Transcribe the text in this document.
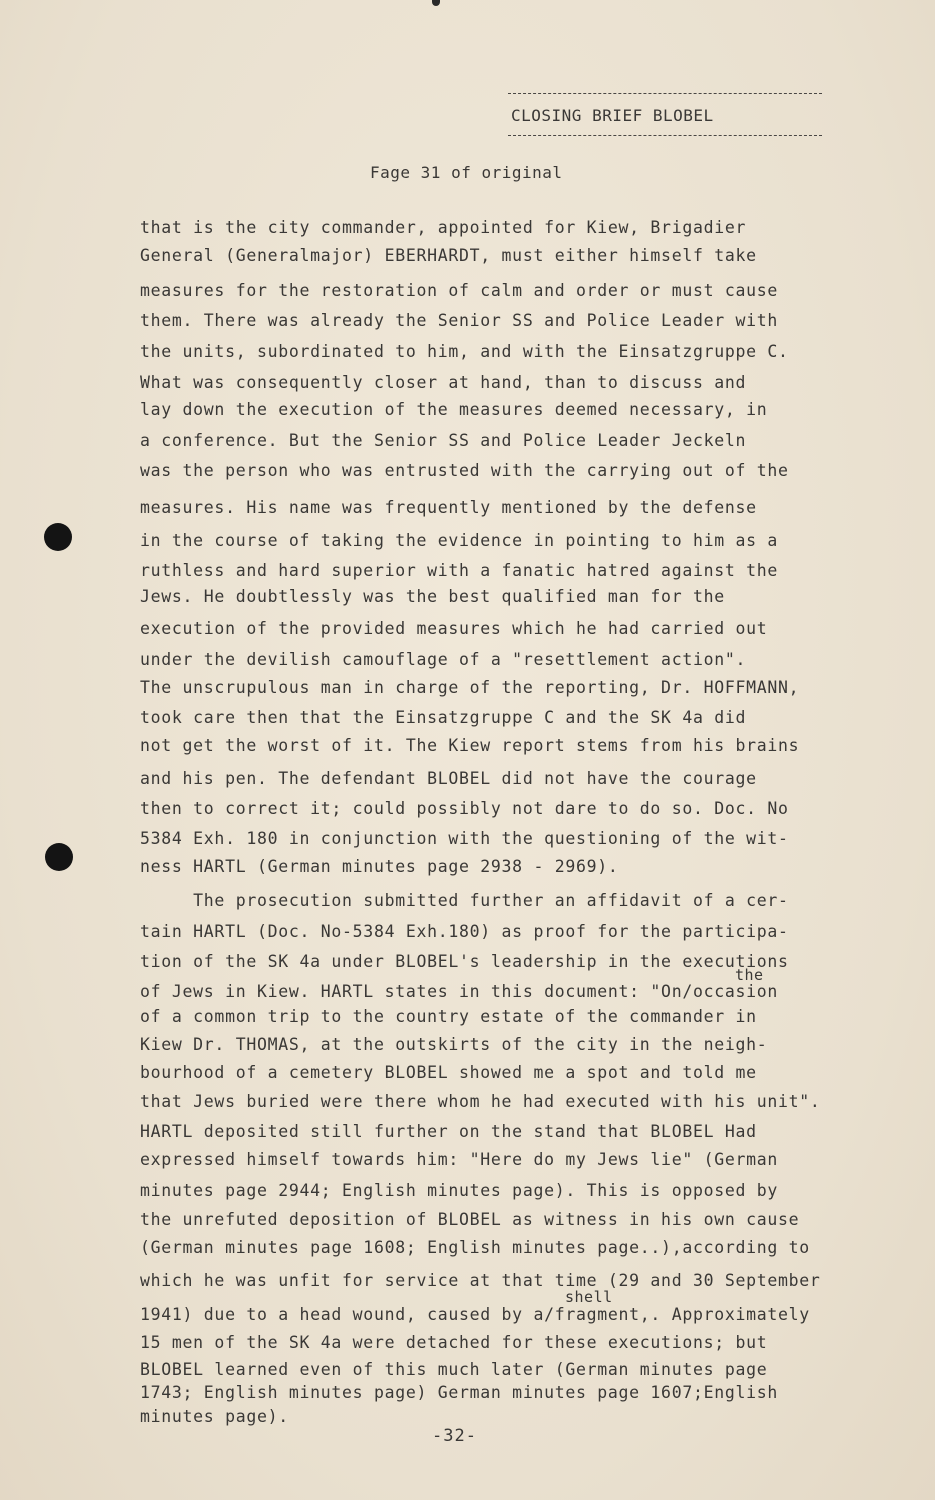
CLOSING BRIEF BLOBEL
Fage 31 of original
that is the city commander, appointed for Kiew, Brigadier
General (Generalmajor) EBERHARDT, must either himself take
measures for the restoration of calm and order or must cause
them. There was already the Senior SS and Police Leader with
the units, subordinated to him, and with the Einsatzgruppe C.
What was consequently closer at hand, than to discuss and
lay down the execution of the measures deemed necessary, in
a conference. But the Senior SS and Police Leader Jeckeln
was the person who was entrusted with the carrying out of the
measures. His name was frequently mentioned by the defense
in the course of taking the evidence in pointing to him as a
ruthless and hard superior with a fanatic hatred against the
Jews. He doubtlessly was the best qualified man for the
execution of the provided measures which he had carried out
under the devilish camouflage of a "resettlement action".
The unscrupulous man in charge of the reporting, Dr. HOFFMANN,
took care then that the Einsatzgruppe C and the SK 4a did
not get the worst of it. The Kiew report stems from his brains
and his pen. The defendant BLOBEL did not have the courage
then to correct it; could possibly not dare to do so. Doc. No
5384 Exh. 180 in conjunction with the questioning of the wit-
ness HARTL (German minutes page 2938 - 2969).
The prosecution submitted further an affidavit of a cer-
tain HARTL (Doc. No-5384 Exh.180) as proof for the participa-
tion of the SK 4a under BLOBEL's leadership in the executions
of Jews in Kiew. HARTL states in this document: "On/occasion
of a common trip to the country estate of the commander in
Kiew Dr. THOMAS, at the outskirts of the city in the neigh-
bourhood of a cemetery BLOBEL showed me a spot and told me
that Jews buried were there whom he had executed with his unit".
HARTL deposited still further on the stand that BLOBEL Had
expressed himself towards him: "Here do my Jews lie" (German
minutes page 2944; English minutes page). This is opposed by
the unrefuted deposition of BLOBEL as witness in his own cause
(German minutes page 1608; English minutes page..),according to
which he was unfit for service at that time (29 and 30 September
1941) due to a head wound, caused by a/fragment,. Approximately
15 men of the SK 4a were detached for these executions; but
BLOBEL learned even of this much later (German minutes page
1743; English minutes page) German minutes page 1607;English
minutes page).
the
shell
-32-
